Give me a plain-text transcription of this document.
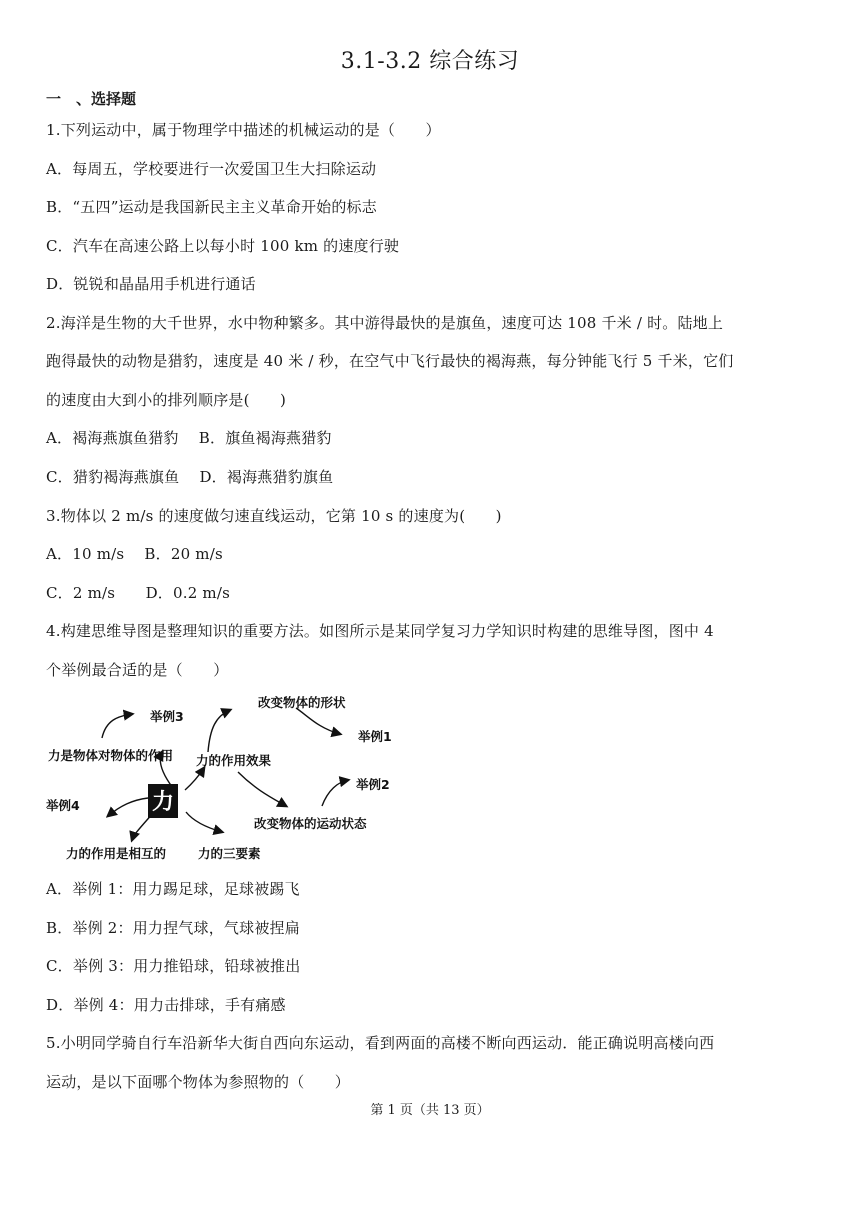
3.1-3.2 综合练习
一　、选择题
1.下列运动中，属于物理学中描述的机械运动的是（　　）
A．每周五，学校要进行一次爱国卫生大扫除运动
B．“五四”运动是我国新民主主义革命开始的标志
C．汽车在高速公路上以每小时 100 km 的速度行驶
D．锐锐和晶晶用手机进行通话
2.海洋是生物的大千世界，水中物种繁多。其中游得最快的是旗鱼，速度可达 108 千米 / 时。陆地上
跑得最快的动物是猎豹，速度是 40 米 / 秒，在空气中飞行最快的褐海燕，每分钟能飞行 5 千米，它们
的速度由大到小的排列顺序是(　　)
A．褐海燕旗鱼猎豹　 B．旗鱼褐海燕猎豹
C．猎豹褐海燕旗鱼　 D．褐海燕猎豹旗鱼
3.物体以 2 m/s 的速度做匀速直线运动，它第 10 s 的速度为(　　)
A．10 m/s　 B．20 m/s
C．2 m/s　　D．0.2 m/s
4.构建思维导图是整理知识的重要方法。如图所示是某同学复习力学知识时构建的思维导图，图中 4
个举例最合适的是（　　）
力
举例3
改变物体的形状
举例1
力是物体对物体的作用 力的作用效果
举例2
举例4
改变物体的运动状态
力的作用是相互的	力的三要素
A．举例 1：用力踢足球，足球被踢飞
B．举例 2：用力捏气球，气球被捏扁
C．举例 3：用力推铅球，铅球被推出
D．举例 4：用力击排球，手有痛感
5.小明同学骑自行车沿新华大街自西向东运动，看到两面的高楼不断向西运动．能正确说明高楼向西
运动，是以下面哪个物体为参照物的（　　）
第 1 页（共 13 页）
